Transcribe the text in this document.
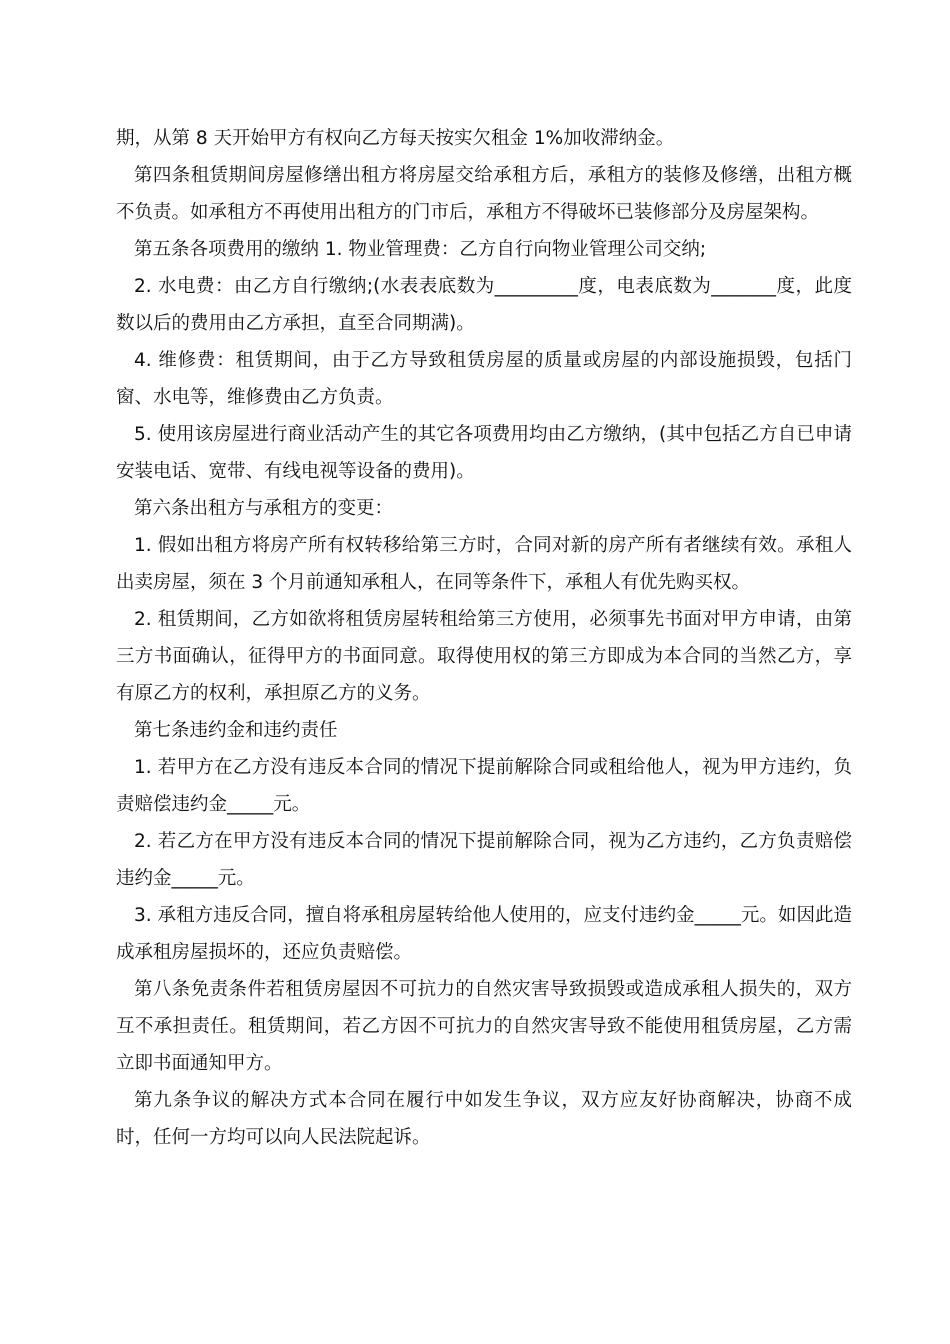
期，从第 8 天开始甲方有权向乙方每天按实欠租金 1%加收滞纳金。

第四条租赁期间房屋修缮出租方将房屋交给承租方后，承租方的装修及修缮，出租方概不负责。如承租方不再使用出租方的门市后，承租方不得破坏已装修部分及房屋架构。

第五条各项费用的缴纳 1. 物业管理费：乙方自行向物业管理公司交纳;

2. 水电费：由乙方自行缴纳;(水表表底数为_________度，电表底数为_______度，此度数以后的费用由乙方承担，直至合同期满)。

4. 维修费：租赁期间，由于乙方导致租赁房屋的质量或房屋的内部设施损毁，包括门窗、水电等，维修费由乙方负责。

5. 使用该房屋进行商业活动产生的其它各项费用均由乙方缴纳，(其中包括乙方自已申请安装电话、宽带、有线电视等设备的费用)。

第六条出租方与承租方的变更：

1. 假如出租方将房产所有权转移给第三方时，合同对新的房产所有者继续有效。承租人出卖房屋，须在 3 个月前通知承租人，在同等条件下，承租人有优先购买权。

2. 租赁期间，乙方如欲将租赁房屋转租给第三方使用，必须事先书面对甲方申请，由第三方书面确认，征得甲方的书面同意。取得使用权的第三方即成为本合同的当然乙方，享有原乙方的权利，承担原乙方的义务。

第七条违约金和违约责任

1. 若甲方在乙方没有违反本合同的情况下提前解除合同或租给他人，视为甲方违约，负责赔偿违约金_____元。

2. 若乙方在甲方没有违反本合同的情况下提前解除合同，视为乙方违约，乙方负责赔偿违约金_____元。

3. 承租方违反合同，擅自将承租房屋转给他人使用的，应支付违约金_____元。如因此造成承租房屋损坏的，还应负责赔偿。

第八条免责条件若租赁房屋因不可抗力的自然灾害导致损毁或造成承租人损失的，双方互不承担责任。租赁期间，若乙方因不可抗力的自然灾害导致不能使用租赁房屋，乙方需立即书面通知甲方。

第九条争议的解决方式本合同在履行中如发生争议，双方应友好协商解决，协商不成时，任何一方均可以向人民法院起诉。
